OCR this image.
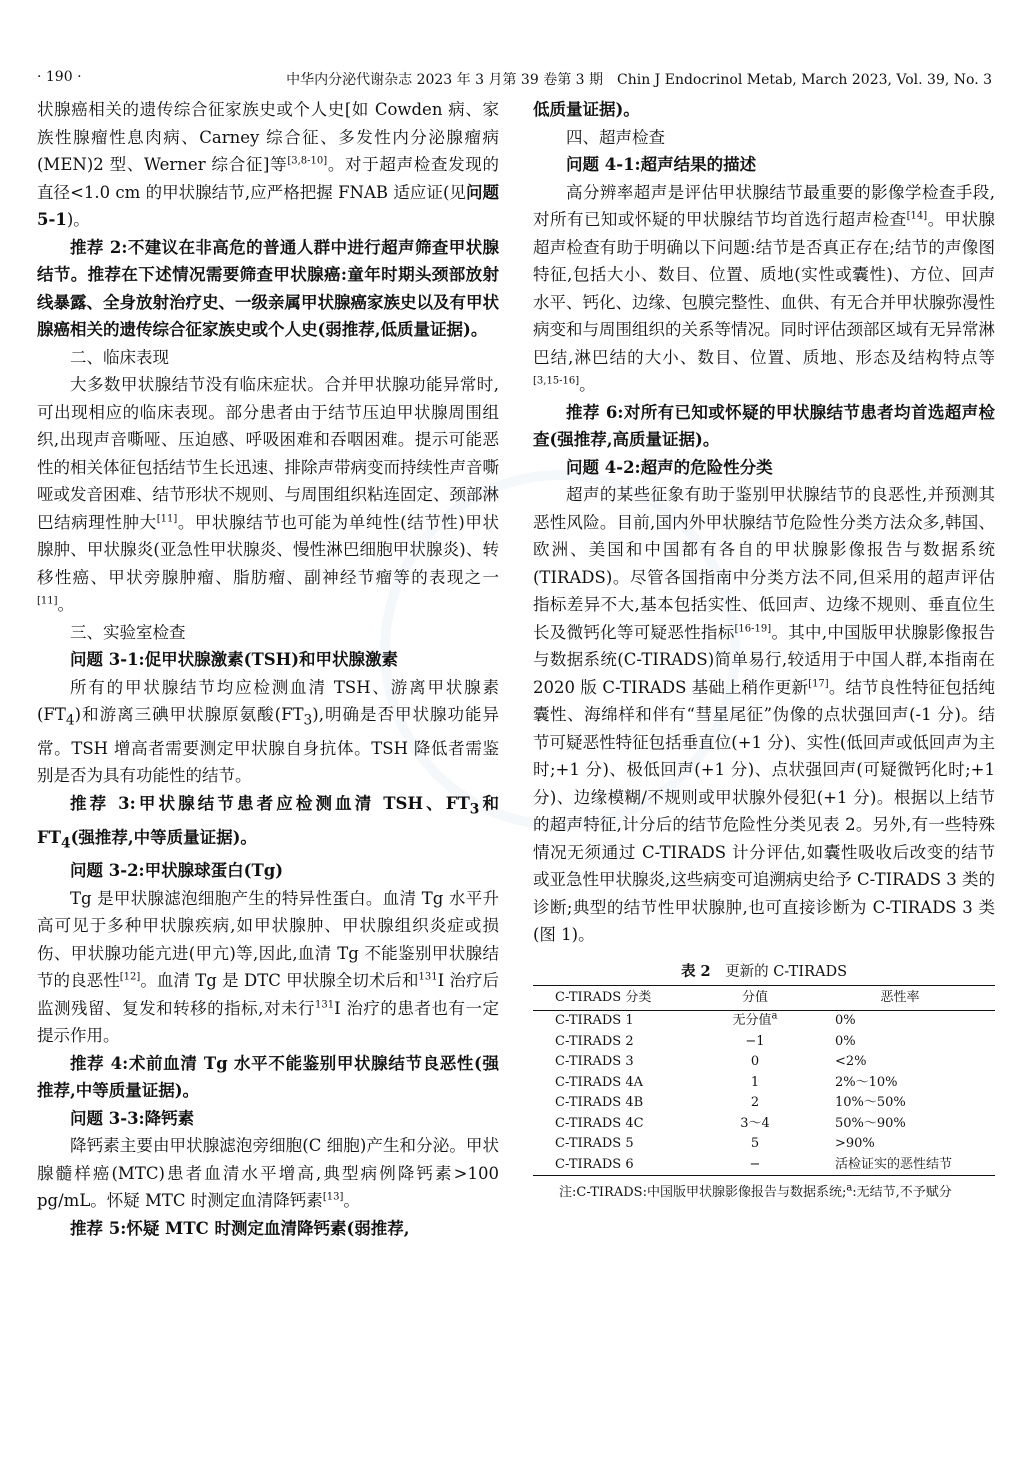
· 190 ·	中华内分泌代谢杂志 2023 年 3 月第 39 卷第 3 期　Chin J Endocrinol Metab, March 2023, Vol. 39, No. 3

状腺癌相关的遗传综合征家族史或个人史[如 Cowden 病、家族性腺瘤性息肉病、Carney 综合征、多发性内分泌腺瘤病(MEN)2 型、Werner 综合征]等[3,8-10]。对于超声检查发现的直径<1.0 cm 的甲状腺结节,应严格把握 FNAB 适应证(见问题 5-1)。

推荐 2:不建议在非高危的普通人群中进行超声筛查甲状腺结节。推荐在下述情况需要筛查甲状腺癌:童年时期头颈部放射线暴露、全身放射治疗史、一级亲属甲状腺癌家族史以及有甲状腺癌相关的遗传综合征家族史或个人史(弱推荐,低质量证据)。

二、临床表现

大多数甲状腺结节没有临床症状。合并甲状腺功能异常时,可出现相应的临床表现。部分患者由于结节压迫甲状腺周围组织,出现声音嘶哑、压迫感、呼吸困难和吞咽困难。提示可能恶性的相关体征包括结节生长迅速、排除声带病变而持续性声音嘶哑或发音困难、结节形状不规则、与周围组织粘连固定、颈部淋巴结病理性肿大[11]。甲状腺结节也可能为单纯性(结节性)甲状腺肿、甲状腺炎(亚急性甲状腺炎、慢性淋巴细胞甲状腺炎)、转移性癌、甲状旁腺肿瘤、脂肪瘤、副神经节瘤等的表现之一[11]。

三、实验室检查

问题 3-1:促甲状腺激素(TSH)和甲状腺激素

所有的甲状腺结节均应检测血清 TSH、游离甲状腺素$(FT_4)$和游离三碘甲状腺原氨酸$(FT_3)$,明确是否甲状腺功能异常。TSH 增高者需要测定甲状腺自身抗体。TSH 降低者需鉴别是否为具有功能性的结节。

推荐 3:甲状腺结节患者应检测血清 TSH、$FT_3$和 $FT_4$(强推荐,中等质量证据)。

问题 3-2:甲状腺球蛋白(Tg)

Tg 是甲状腺滤泡细胞产生的特异性蛋白。血清 Tg 水平升高可见于多种甲状腺疾病,如甲状腺肿、甲状腺组织炎症或损伤、甲状腺功能亢进(甲亢)等,因此,血清 Tg 不能鉴别甲状腺结节的良恶性[12]。血清 Tg 是 DTC 甲状腺全切术后和$^{131}$I 治疗后监测残留、复发和转移的指标,对未行$^{131}$I 治疗的患者也有一定提示作用。

推荐 4:术前血清 Tg 水平不能鉴别甲状腺结节良恶性(强推荐,中等质量证据)。

问题 3-3:降钙素

降钙素主要由甲状腺滤泡旁细胞(C 细胞)产生和分泌。甲状腺髓样癌(MTC)患者血清水平增高,典型病例降钙素>100 pg/mL。怀疑 MTC 时测定血清降钙素[13]。

推荐 5:怀疑 MTC 时测定血清降钙素(弱推荐,

低质量证据)。

四、超声检查

问题 4-1:超声结果的描述

高分辨率超声是评估甲状腺结节最重要的影像学检查手段,对所有已知或怀疑的甲状腺结节均首选行超声检查[14]。甲状腺超声检查有助于明确以下问题:结节是否真正存在;结节的声像图特征,包括大小、数目、位置、质地(实性或囊性)、方位、回声水平、钙化、边缘、包膜完整性、血供、有无合并甲状腺弥漫性病变和与周围组织的关系等情况。同时评估颈部区域有无异常淋巴结,淋巴结的大小、数目、位置、质地、形态及结构特点等[3,15-16]。

推荐 6:对所有已知或怀疑的甲状腺结节患者均首选超声检查(强推荐,高质量证据)。

问题 4-2:超声的危险性分类

超声的某些征象有助于鉴别甲状腺结节的良恶性,并预测其恶性风险。目前,国内外甲状腺结节危险性分类方法众多,韩国、欧洲、美国和中国都有各自的甲状腺影像报告与数据系统(TIRADS)。尽管各国指南中分类方法不同,但采用的超声评估指标差异不大,基本包括实性、低回声、边缘不规则、垂直位生长及微钙化等可疑恶性指标[16-19]。其中,中国版甲状腺影像报告与数据系统(C-TIRADS)简单易行,较适用于中国人群,本指南在 2020 版 C-TIRADS 基础上稍作更新[17]。结节良性特征包括纯囊性、海绵样和伴有“彗星尾征”伪像的点状强回声(-1 分)。结节可疑恶性特征包括垂直位(+1 分)、实性(低回声或低回声为主时;+1 分)、极低回声(+1 分)、点状强回声(可疑微钙化时;+1 分)、边缘模糊/不规则或甲状腺外侵犯(+1 分)。根据以上结节的超声特征,计分后的结节危险性分类见表 2。另外,有一些特殊情况无须通过 C-TIRADS 计分评估,如囊性吸收后改变的结节或亚急性甲状腺炎,这些病变可追溯病史给予 C-TIRADS 3 类的诊断;典型的结节性甲状腺肿,也可直接诊断为 C-TIRADS 3 类(图 1)。

表 2　 更新的 C-TIRADS
C-TIRADS 分类	分值	恶性率
C-TIRADS 1	无分值$^a$	0%
C-TIRADS 2	−1	0%
C-TIRADS 3	0	<2%
C-TIRADS 4A	1	2%～10%
C-TIRADS 4B	2	10%～50%
C-TIRADS 4C	3～4	50%～90%
C-TIRADS 5	5	>90%
C-TIRADS 6	−	活检证实的恶性结节
注:C-TIRADS:中国版甲状腺影像报告与数据系统;$^a$:无结节,不予赋分
